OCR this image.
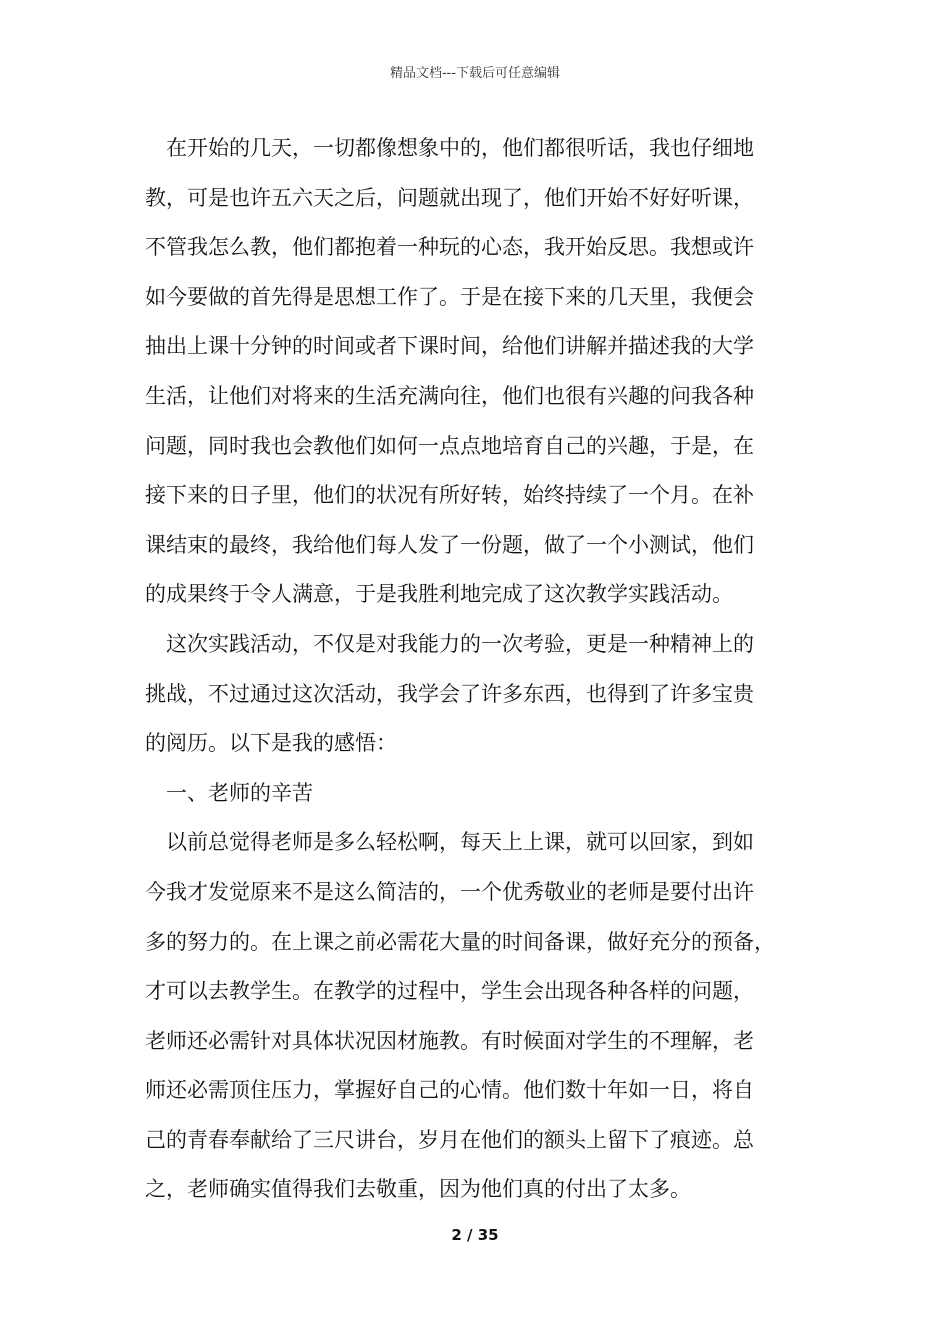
精品文档---下载后可任意编辑
在开始的几天，一切都像想象中的，他们都很听话，我也仔细地
教，可是也许五六天之后，问题就出现了，他们开始不好好听课，
不管我怎么教，他们都抱着一种玩的心态，我开始反思。我想或许
如今要做的首先得是思想工作了。于是在接下来的几天里，我便会
抽出上课十分钟的时间或者下课时间，给他们讲解并描述我的大学
生活，让他们对将来的生活充满向往，他们也很有兴趣的问我各种
问题，同时我也会教他们如何一点点地培育自己的兴趣，于是，在
接下来的日子里，他们的状况有所好转，始终持续了一个月。在补
课结束的最终，我给他们每人发了一份题，做了一个小测试，他们
的成果终于令人满意，于是我胜利地完成了这次教学实践活动。
这次实践活动，不仅是对我能力的一次考验，更是一种精神上的
挑战，不过通过这次活动，我学会了许多东西，也得到了许多宝贵
的阅历。以下是我的感悟：
一、老师的辛苦
以前总觉得老师是多么轻松啊，每天上上课，就可以回家，到如
今我才发觉原来不是这么简洁的，一个优秀敬业的老师是要付出许
多的努力的。在上课之前必需花大量的时间备课，做好充分的预备，
才可以去教学生。在教学的过程中，学生会出现各种各样的问题，
老师还必需针对具体状况因材施教。有时候面对学生的不理解，老
师还必需顶住压力，掌握好自己的心情。他们数十年如一日，将自
己的青春奉献给了三尺讲台，岁月在他们的额头上留下了痕迹。总
之，老师确实值得我们去敬重，因为他们真的付出了太多。
2 / 35
